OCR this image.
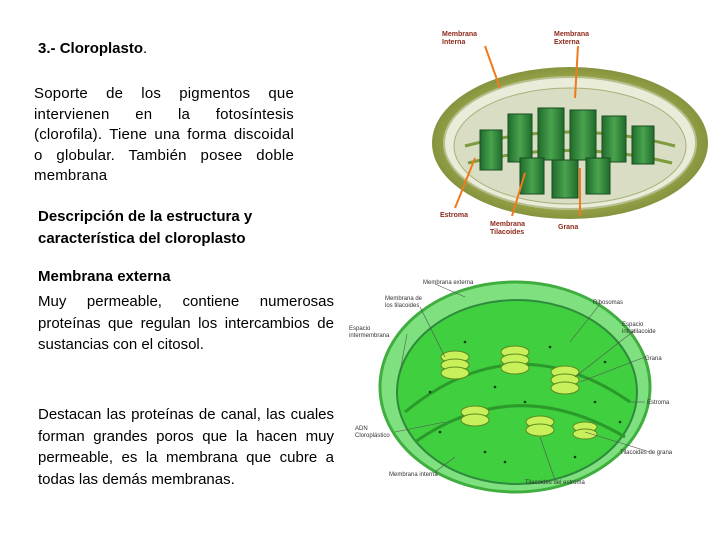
3.- Cloroplasto.
Soporte de los pigmentos que intervienen en la fotosíntesis (clorofila). Tiene una forma discoidal o globular. También posee doble membrana
Descripción de la estructura y característica del cloroplasto
Membrana externa
Muy permeable, contiene numerosas proteínas que regulan los intercambios de sustancias con el citosol.
Destacan las proteínas de canal, las cuales forman grandes poros que la hacen muy permeable, es la membrana que cubre a todas las demás membranas.
Membrana Interna
Membrana Externa
Estroma
Membrana Tilacoides
Grana
Membrana externa
Membrana de los tilacoides	Ribosomas
Espacio intermembrana
Espacio intratilacoide
Grana
Estroma
ADN Cloroplástico
Tilacoides de grana
Membrana interna
Tilacoides del estroma
